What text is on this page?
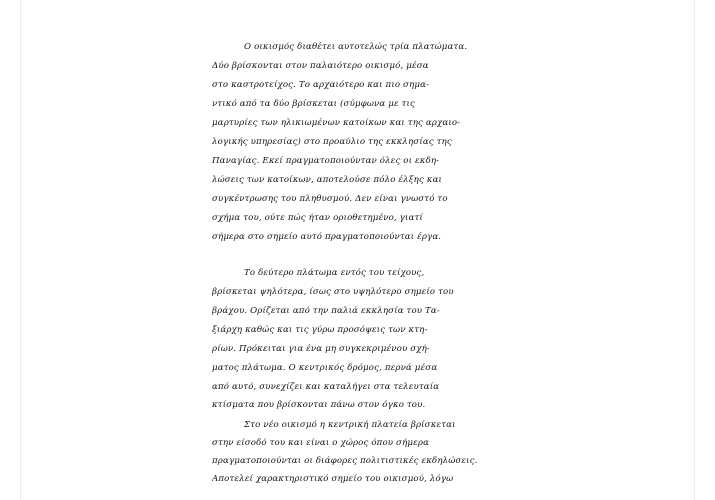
Ο οικισμός διαθέτει αυτοτελώς τρία πλατώματα.
Δύο βρίσκονται στον παλαιότερο οικισμό, μέσα
στο καστροτείχος. Το αρχαιότερο και πιο σημα-
ντικό από τα δύο βρίσκεται (σύμφωνα με τις
μαρτυρίες των ηλικιωμένων κατοίκων και της αρχαιο-
λογικής υπηρεσίας) στο προαύλιο της εκκλησίας της
Παναγίας. Εκεί πραγματοποιούνταν όλες οι εκδη-
λώσεις των κατοίκων, αποτελούσε πόλο έλξης και
συγκέντρωσης του πληθυσμού. Δεν είναι γνωστό το
σχήμα του, ούτε πώς ήταν οριοθετημένο, γιατί
σήμερα στο σημείο αυτό πραγματοποιούνται έργα.
Το δεύτερο πλάτωμα εντός του τείχους,
βρίσκεται ψηλότερα, ίσως στο υψηλότερο σημείο του
βράχου. Ορίζεται από την παλιά εκκλησία του Τα-
ξιάρχη καθώς και τις γύρω προσόψεις των κτη-
ρίων. Πρόκειται για ένα μη συγκεκριμένου σχή-
ματος πλάτωμα. Ο κεντρικός δρόμος, περνά μέσα
από αυτό, συνεχίζει και καταλήγει στα τελευταία
κτίσματα που βρίσκονται πάνω στον όγκο του.
Στο νέο οικισμό η κεντρική πλατεία βρίσκεται
στην είσοδό του και είναι ο χώρος όπου σήμερα
πραγματοποιούνται οι διάφορες πολιτιστικές εκδηλώσεις.
Αποτελεί χαρακτηριστικό σημείο του οικισμού, λόγω
